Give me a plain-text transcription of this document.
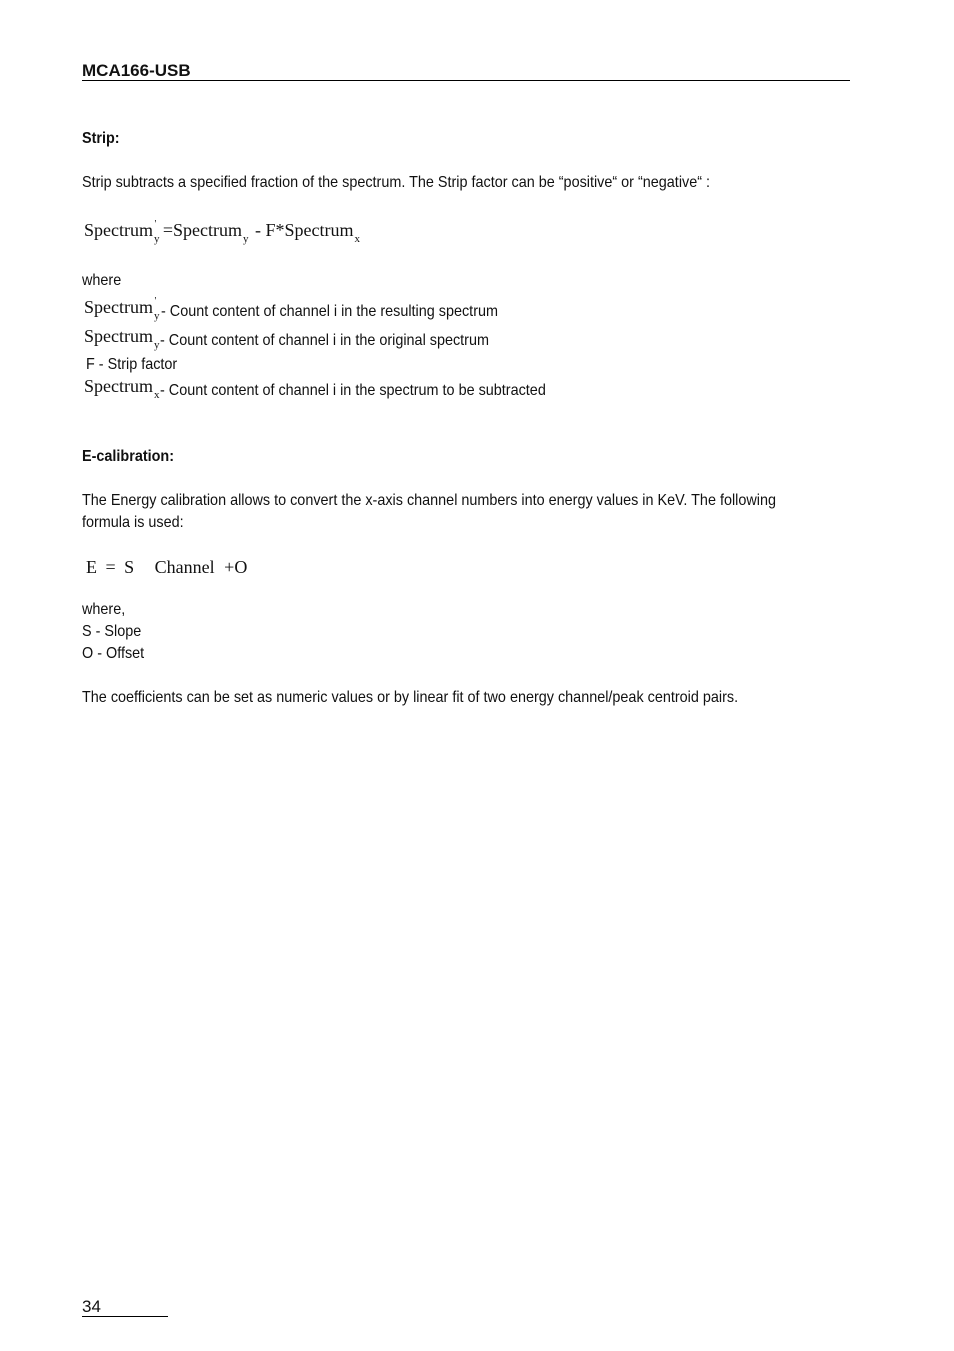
MCA166-USB
Strip:
Strip subtracts a specified fraction of the spectrum. The Strip factor can be “positive“ or “negative“ :
Spectrum$_y$' =Spectrum$_y$ - F*Spectrum$_x$
where
Spectrum$_y$' - Count content of channel i in the resulting spectrum
Spectrum$_y$ - Count content of channel i in the original spectrum
F - Strip factor
Spectrum$_x$ - Count content of channel i in the spectrum to be subtracted
E-calibration:
The Energy calibration allows to convert the x-axis channel numbers into energy values in KeV. The following
formula is used:
E = S Channel +O
where,
S - Slope
O - Offset
The coefficients can be set as numeric values or by linear fit of two energy channel/peak centroid pairs.
34
